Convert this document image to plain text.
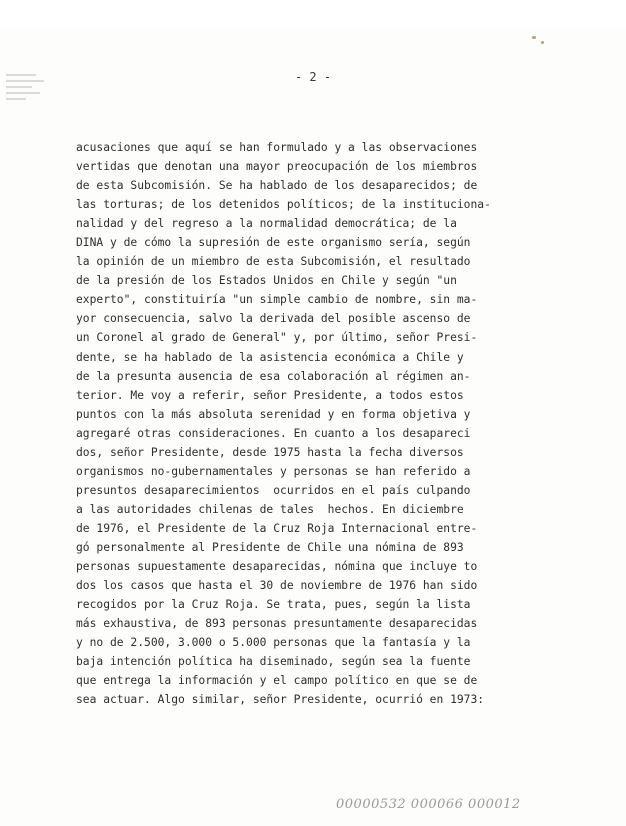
- 2 -

acusaciones que aquí se han formulado y a las observaciones
vertidas que denotan una mayor preocupación de los miembros
de esta Subcomisión. Se ha hablado de los desaparecidos; de
las torturas; de los detenidos políticos; de la instituciona-
nalidad y del regreso a la normalidad democrática; de la
DINA y de cómo la supresión de este organismo sería, según
la opinión de un miembro de esta Subcomisión, el resultado
de la presión de los Estados Unidos en Chile y según "un
experto", constituiría "un simple cambio de nombre, sin ma-
yor consecuencia, salvo la derivada del posible ascenso de
un Coronel al grado de General" y, por último, señor Presi-
dente, se ha hablado de la asistencia económica a Chile y
de la presunta ausencia de esa colaboración al régimen an-
terior. Me voy a referir, señor Presidente, a todos estos
puntos con la más absoluta serenidad y en forma objetiva y
agregaré otras consideraciones. En cuanto a los desapareci
dos, señor Presidente, desde 1975 hasta la fecha diversos
organismos no-gubernamentales y personas se han referido a
presuntos desaparecimientos  ocurridos en el país culpando
a las autoridades chilenas de tales  hechos. En diciembre
de 1976, el Presidente de la Cruz Roja Internacional entre-
gó personalmente al Presidente de Chile una nómina de 893
personas supuestamente desaparecidas, nómina que incluye to
dos los casos que hasta el 30 de noviembre de 1976 han sido
recogidos por la Cruz Roja. Se trata, pues, según la lista
más exhaustiva, de 893 personas presuntamente desaparecidas
y no de 2.500, 3.000 o 5.000 personas que la fantasía y la
baja intención política ha diseminado, según sea la fuente
que entrega la información y el campo político en que se de
sea actuar. Algo similar, señor Presidente, ocurrió en 1973:

00000532 000066 000012
